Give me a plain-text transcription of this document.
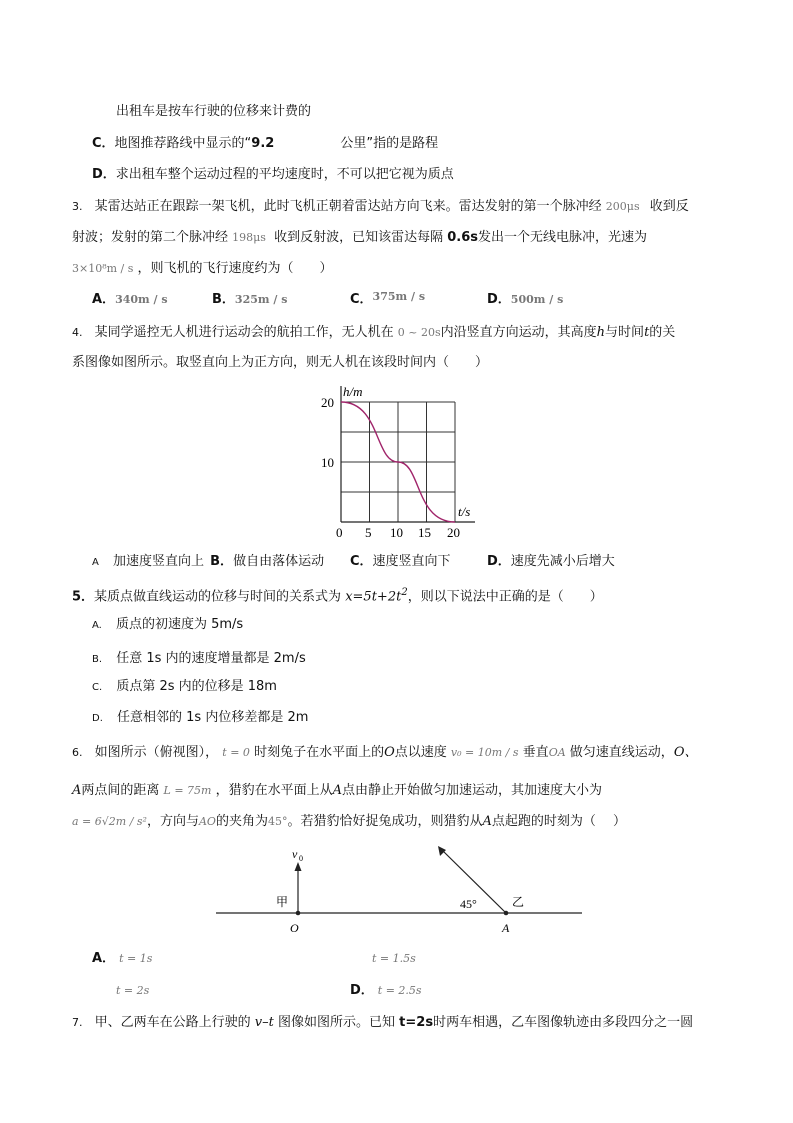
出租车是按车行驶的位移来计费的
C．地图推荐路线中显示的“9.2	公里”指的是路程
D．求出租车整个运动过程的平均速度时，不可以把它视为质点
3. 某雷达站正在跟踪一架飞机，此时飞机正朝着雷达站方向飞来。雷达发射的第一个脉冲经 200μs 收到反
射波；发射的第二个脉冲经 198μs 收到反射波，已知该雷达每隔 0.6s发出一个无线电脉冲，光速为
3×10⁸m / s ，则飞机的飞行速度约为（　　）
A．340m / s	B．325m / s	C．$^{375m / s}$	D．500m / s
4. 某同学遥控无人机进行运动会的航拍工作，无人机在 0 ~ 20s内沿竖直方向运动，其高度h与时间t的关
系图像如图所示。取竖直向上为正方向，则无人机在该段时间内（　　）
h/m
t/s
20
10
0 5 10 15 20
A 加速度竖直向上 B．做自由落体运动 C．速度竖直向下	D．速度先减小后增大
5．某质点做直线运动的位移与时间的关系式为 $x=5t+2t^2$，则以下说法中正确的是（　　）
A. 质点的初速度为 5m/s
B. 任意 1s 内的速度增量都是 2m/s
C. 质点第 2s 内的位移是 18m
D. 任意相邻的 1s 内位移差都是 2m
6. 如图所示（俯视图）， t = 0 时刻兔子在水平面上的O点以速度 v₀ = 10m / s 垂直OA 做匀速直线运动，O、
A两点间的距离 L = 75m ，猎豹在水平面上从A点由静止开始做匀加速运动，其加速度大小为
a = 6√2m / s²，方向与AO的夹角为45°。若猎豹恰好捉兔成功，则猎豹从A点起跑的时刻为（　 ）
v 0
甲	乙
45°
O	A
A． t = 1s	t = 1.5s
t = 2s	D． t = 2.5s
7. 甲、乙两车在公路上行驶的 v–t 图像如图所示。已知 t=2s时两车相遇，乙车图像轨迹由多段四分之一圆
